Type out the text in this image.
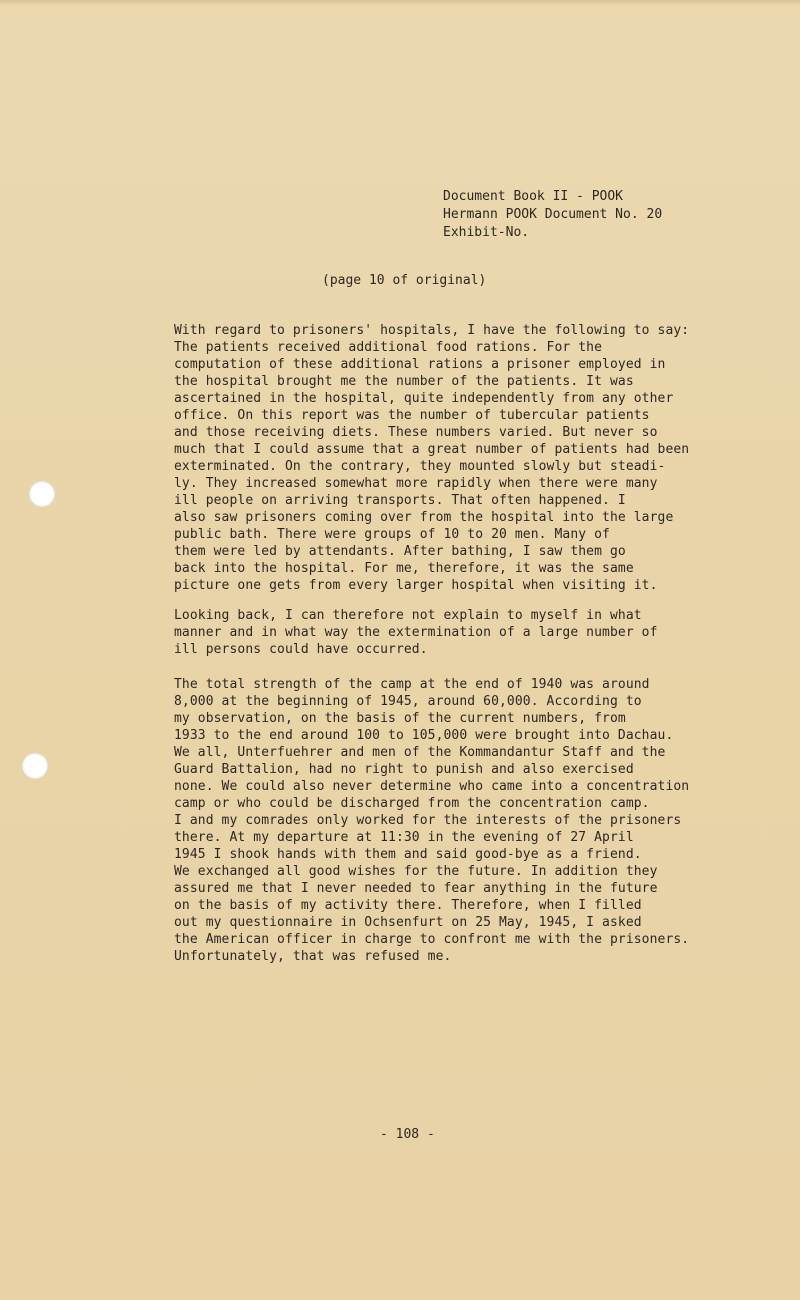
Document Book II - POOK
Hermann POOK Document No. 20
Exhibit-No.
(page 10 of original)
With regard to prisoners' hospitals, I have the following to say:
The patients received additional food rations. For the
computation of these additional rations a prisoner employed in
the hospital brought me the number of the patients. It was
ascertained in the hospital, quite independently from any other
office. On this report was the number of tubercular patients
and those receiving diets. These numbers varied. But never so
much that I could assume that a great number of patients had been
exterminated. On the contrary, they mounted slowly but steadi-
ly. They increased somewhat more rapidly when there were many
ill people on arriving transports. That often happened. I
also saw prisoners coming over from the hospital into the large
public bath. There were groups of 10 to 20 men. Many of
them were led by attendants. After bathing, I saw them go
back into the hospital. For me, therefore, it was the same
picture one gets from every larger hospital when visiting it.
Looking back, I can therefore not explain to myself in what
manner and in what way the extermination of a large number of
ill persons could have occurred.
The total strength of the camp at the end of 1940 was around
8,000 at the beginning of 1945, around 60,000. According to
my observation, on the basis of the current numbers, from
1933 to the end around 100 to 105,000 were brought into Dachau.
We all, Unterfuehrer and men of the Kommandantur Staff and the
Guard Battalion, had no right to punish and also exercised
none. We could also never determine who came into a concentration
camp or who could be discharged from the concentration camp.
I and my comrades only worked for the interests of the prisoners
there. At my departure at 11:30 in the evening of 27 April
1945 I shook hands with them and said good-bye as a friend.
We exchanged all good wishes for the future. In addition they
assured me that I never needed to fear anything in the future
on the basis of my activity there. Therefore, when I filled
out my questionnaire in Ochsenfurt on 25 May, 1945, I asked
the American officer in charge to confront me with the prisoners.
Unfortunately, that was refused me.
- 108 -
